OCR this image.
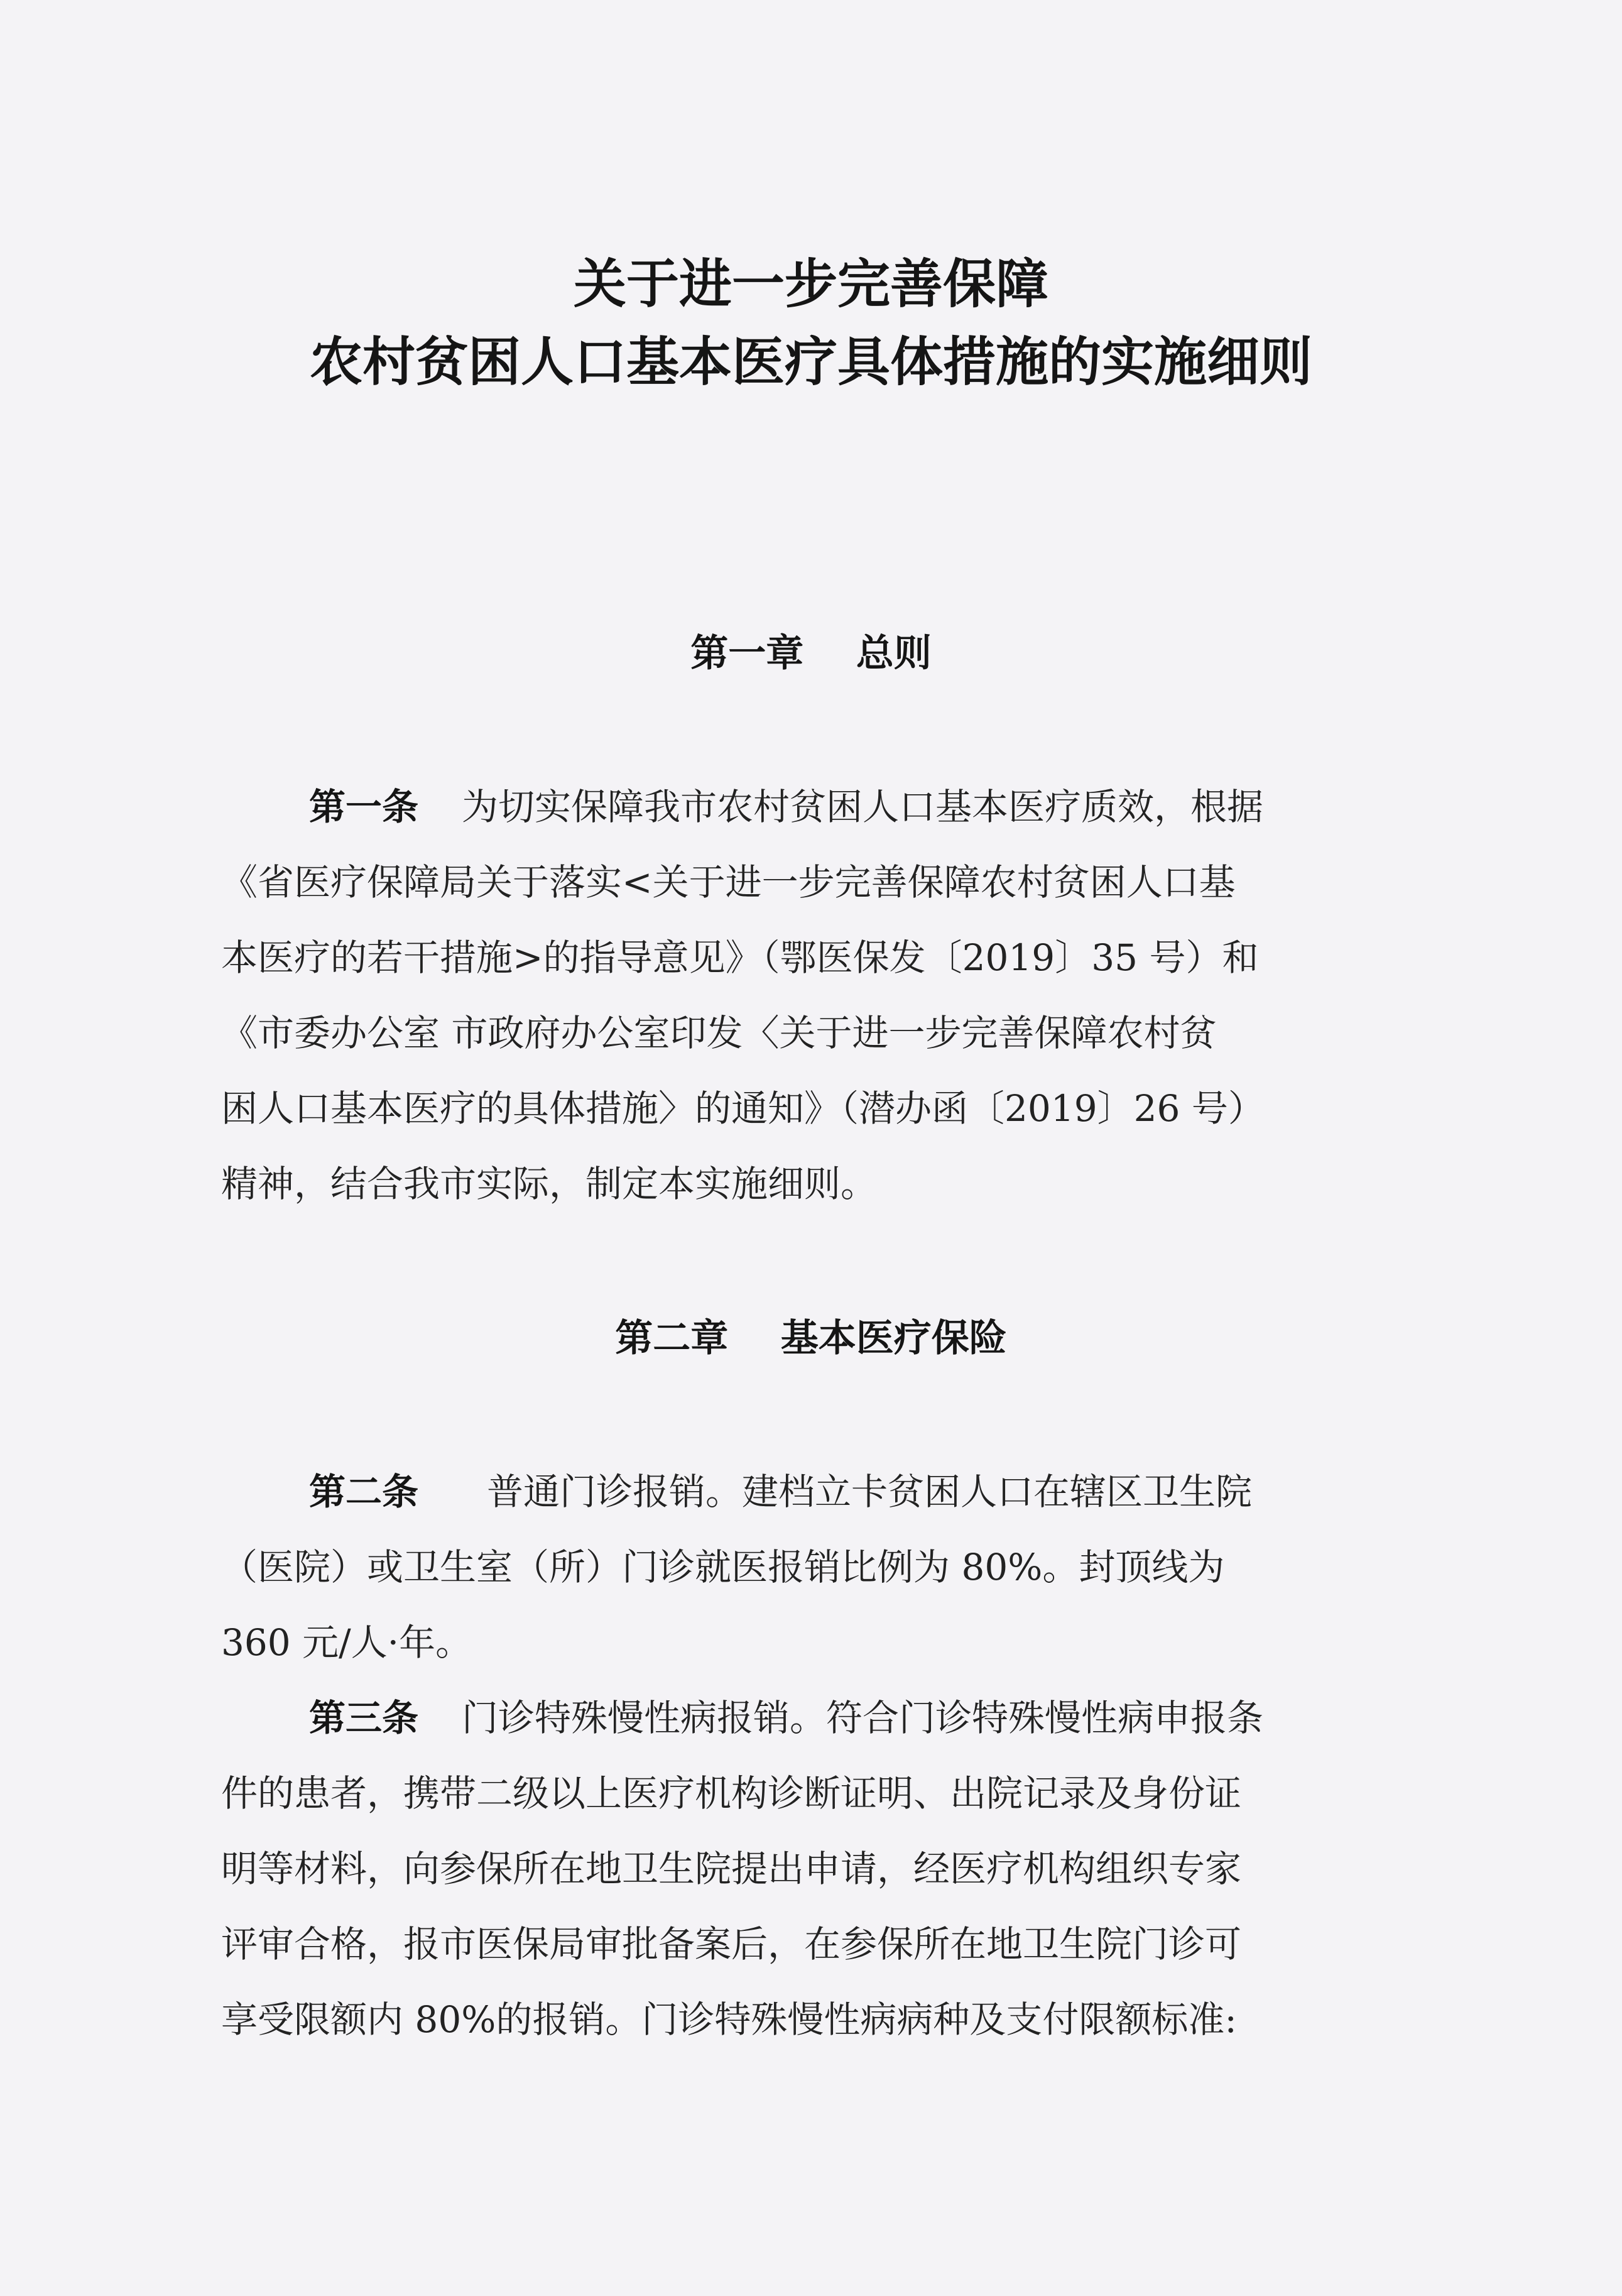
关于进一步完善保障
农村贫困人口基本医疗具体措施的实施细则
第一章 总则
第一条 为切实保障我市农村贫困人口基本医疗质效，根据
《省医疗保障局关于落实<关于进一步完善保障农村贫困人口基
本医疗的若干措施>的指导意见》（鄂医保发〔2019〕35 号）和
《市委办公室 市政府办公室印发〈关于进一步完善保障农村贫
困人口基本医疗的具体措施〉的通知》（潜办函〔2019〕26 号）
精神，结合我市实际，制定本实施细则。
第二章 基本医疗保险
第二条 普通门诊报销。建档立卡贫困人口在辖区卫生院
（医院）或卫生室（所）门诊就医报销比例为 80%。封顶线为
360 元/人·年。
第三条 门诊特殊慢性病报销。符合门诊特殊慢性病申报条
件的患者，携带二级以上医疗机构诊断证明、出院记录及身份证
明等材料，向参保所在地卫生院提出申请，经医疗机构组织专家
评审合格，报市医保局审批备案后，在参保所在地卫生院门诊可
享受限额内 80%的报销。门诊特殊慢性病病种及支付限额标准:
